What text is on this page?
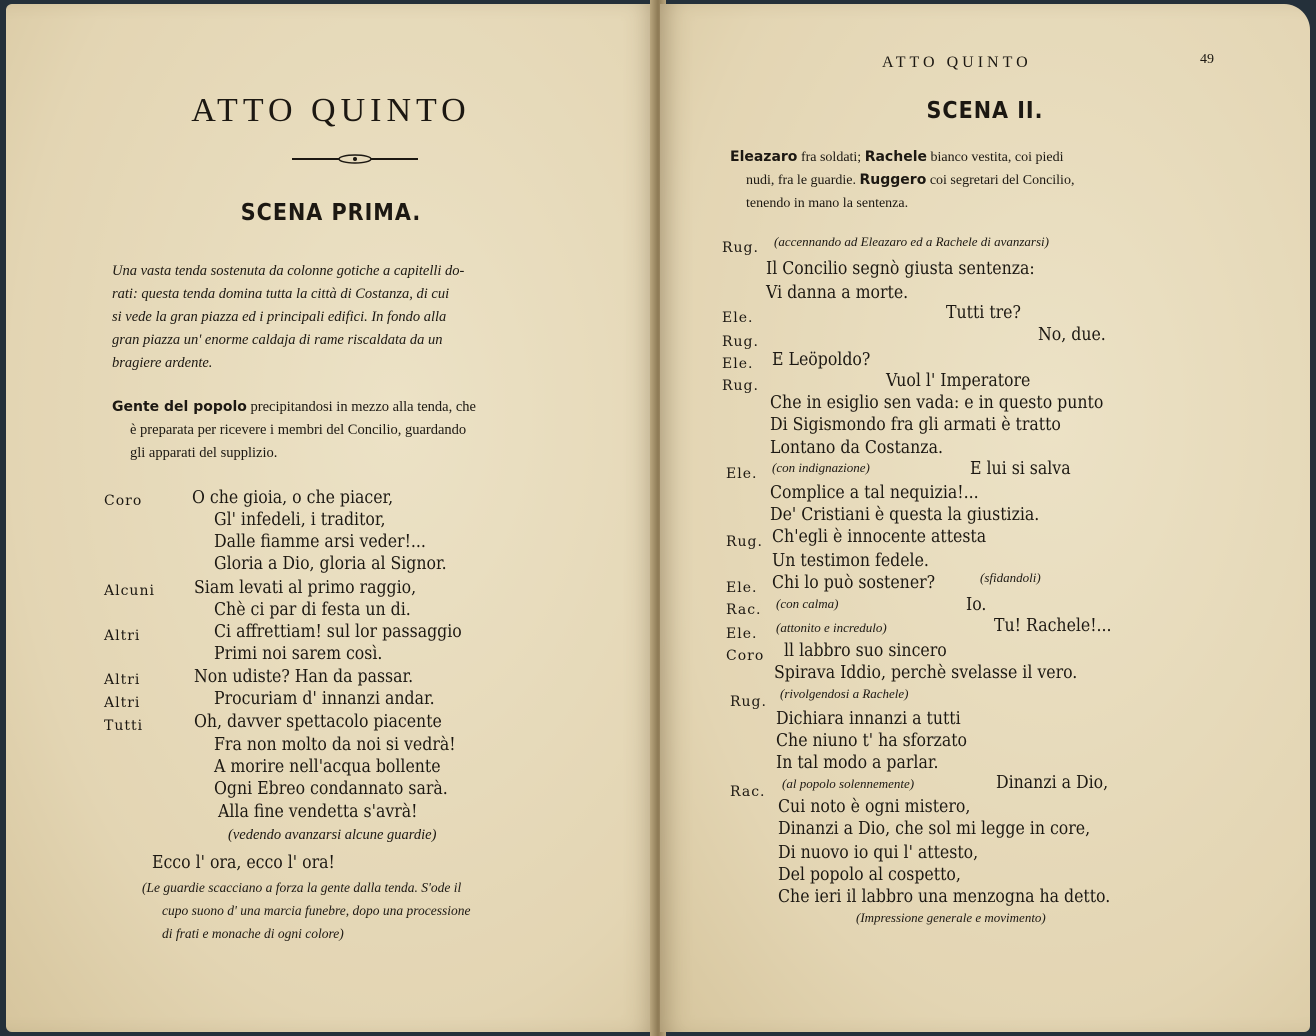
ATTO QUINTO
SCENA PRIMA.
Una vasta tenda sostenuta da colonne gotiche a capitelli do-
rati: questa tenda domina tutta la città di Costanza, di cui
si vede la gran piazza ed i principali edifici. In fondo alla
gran piazza un' enorme caldaja di rame riscaldata da un
bragiere ardente.
Gente del popolo precipitandosi in mezzo alla tenda, che
è preparata per ricevere i membri del Concilio, guardando
gli apparati del supplizio.
Coro	O che gioia, o che piacer,
Gl' infedeli, i traditor,
Dalle fiamme arsi veder!...
Gloria a Dio, gloria al Signor.
Alcuni Siam levati al primo raggio,
Chè ci par di festa un di.
Altri	Ci affrettiam! sul lor passaggio
Primi noi sarem così.
Altri	Non udiste? Han da passar.
Altri	Procuriam d' innanzi andar.
Tutti	Oh, davver spettacolo piacente
Fra non molto da noi si vedrà!
A morire nell'acqua bollente
Ogni Ebreo condannato sarà.
Alla fine vendetta s'avrà!
(vedendo avanzarsi alcune guardie)
Ecco l' ora, ecco l' ora!
(Le guardie scacciano a forza la gente dalla tenda. S'ode il
cupo suono d' una marcia funebre, dopo una processione
di frati e monache di ogni colore)
ATTO QUINTO	49
SCENA II.
Eleazaro fra soldati; Rachele bianco vestita, coi piedi
nudi, fra le guardie. Ruggero coi segretari del Concilio,
tenendo in mano la sentenza.
Rug. (accennando ad Eleazaro ed a Rachele di avanzarsi)
Il Concilio segnò giusta sentenza:
Vi danna a morte.
Ele.	Tutti tre?
Rug.	No, due.
Ele. E Leöpoldo?
Rug.	Vuol l' Imperatore
Che in esiglio sen vada: e in questo punto
Di Sigismondo fra gli armati è tratto
Lontano da Costanza.
Ele. (con indignazione)	E lui si salva
Complice a tal nequizia!...
De' Cristiani è questa la giustizia.
Rug. Ch'egli è innocente attesta
Un testimon fedele.
Ele. Chi lo può sostener?	(sfidandoli)
Rac. (con calma)	Io.
Ele. (attonito e incredulo)	Tu! Rachele!...
Coro ll labbro suo sincero
Spirava Iddio, perchè svelasse il vero.
Rug.
(rivolgendosi a Rachele)
Dichiara innanzi a tutti
Che niuno t' ha sforzato
In tal modo a parlar.
Rac.
(al popolo solennemente)	Dinanzi a Dio,
Cui noto è ogni mistero,
Dinanzi a Dio, che sol mi legge in core,
Di nuovo io qui l' attesto,
Del popolo al cospetto,
Che ieri il labbro una menzogna ha detto.
(Impressione generale e movimento)
